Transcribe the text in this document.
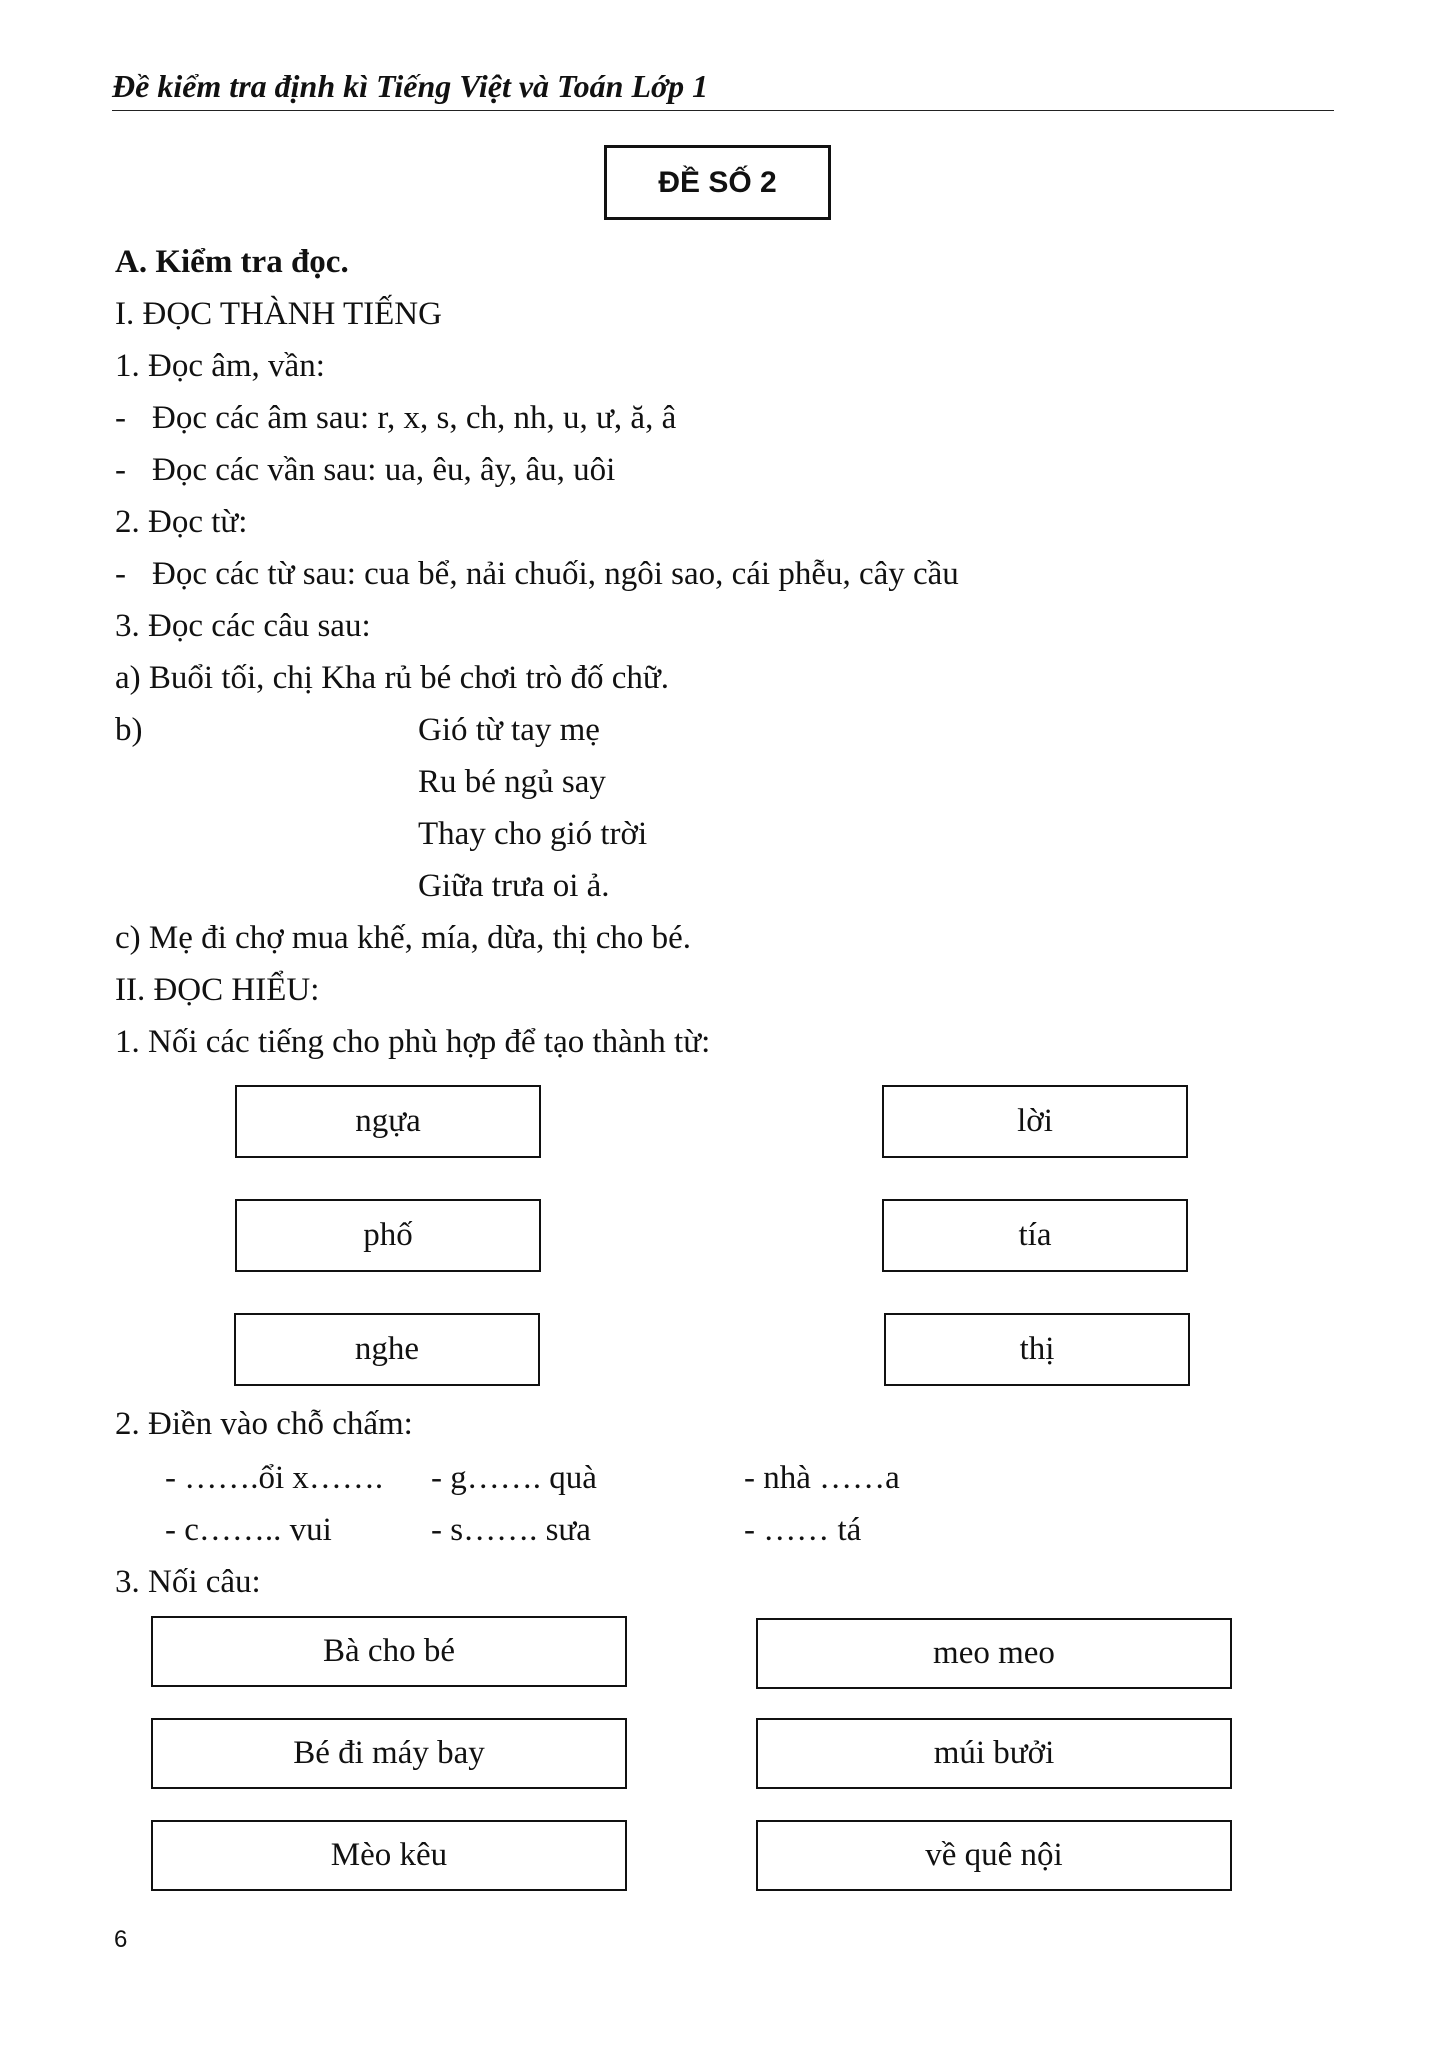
Đề kiểm tra định kì Tiếng Việt và Toán Lớp 1
ĐỀ SỐ 2
A. Kiểm tra đọc.
I. ĐỌC THÀNH TIẾNG
1. Đọc âm, vần:
- Đọc các âm sau: r, x, s, ch, nh, u, ư, ă, â
- Đọc các vần sau: ua, êu, ây, âu, uôi
2. Đọc từ:
- Đọc các từ sau: cua bể, nải chuối, ngôi sao, cái phễu, cây cầu
3. Đọc các câu sau:
a) Buổi tối, chị Kha rủ bé chơi trò đố chữ.
b)	Gió từ tay mẹ
Ru bé ngủ say
Thay cho gió trời
Giữa trưa oi ả.
c) Mẹ đi chợ mua khế, mía, dừa, thị cho bé.
II. ĐỌC HIỂU:
1. Nối các tiếng cho phù hợp để tạo thành từ:
ngựa
phố
nghe
lời
tía
thị
2. Điền vào chỗ chấm:
- …….ổi x……. - g……. quà	- nhà ……a
- c…….. vui	- s……. sưa	- …… tá
3. Nối câu:
Bà cho bé
Bé đi máy bay
Mèo kêu
meo meo
múi bưởi
về quê nội
6
